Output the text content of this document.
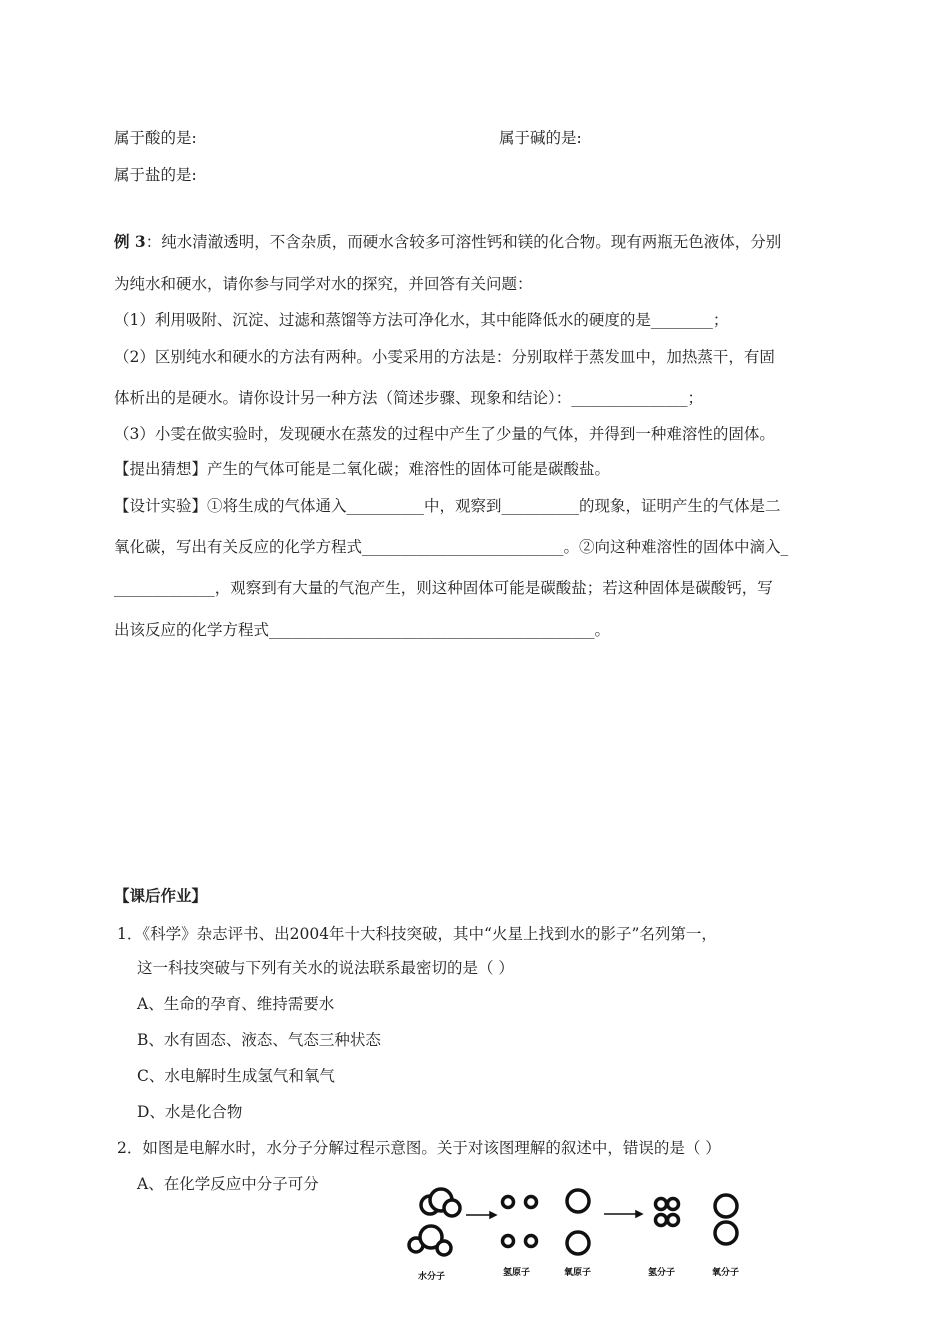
属于酸的是:	属于碱的是:
属于盐的是:
例 3：纯水清澈透明，不含杂质，而硬水含较多可溶性钙和镁的化合物。现有两瓶无色液体，分别
为纯水和硬水，请你参与同学对水的探究，并回答有关问题：
（1）利用吸附、沉淀、过滤和蒸馏等方法可净化水，其中能降低水的硬度的是________；
（2）区别纯水和硬水的方法有两种。小雯采用的方法是：分别取样于蒸发皿中，加热蒸干，有固
体析出的是硬水。请你设计另一种方法（简述步骤、现象和结论）：_______________；
（3）小雯在做实验时，发现硬水在蒸发的过程中产生了少量的气体，并得到一种难溶性的固体。
【提出猜想】产生的气体可能是二氧化碳；难溶性的固体可能是碳酸盐。
【设计实验】①将生成的气体通入__________中，观察到__________的现象，证明产生的气体是二
氧化碳，写出有关反应的化学方程式__________________________。②向这种难溶性的固体中滴入_
_____________，观察到有大量的气泡产生，则这种固体可能是碳酸盐；若这种固体是碳酸钙，写
出该反应的化学方程式__________________________________________。
【课后作业】
1．《科学》杂志评书、出2004年十大科技突破，其中“火星上找到水的影子”名列第一，
这一科技突破与下列有关水的说法联系最密切的是（ ）
A、生命的孕育、维持需要水
B、水有固态、液态、气态三种状态
C、水电解时生成氢气和氧气
D、水是化合物
2．如图是电解水时，水分子分解过程示意图。关于对该图理解的叙述中，错误的是（ ）
A、在化学反应中分子可分
水分子	氢原子	氧原子	氢分子	氧分子
